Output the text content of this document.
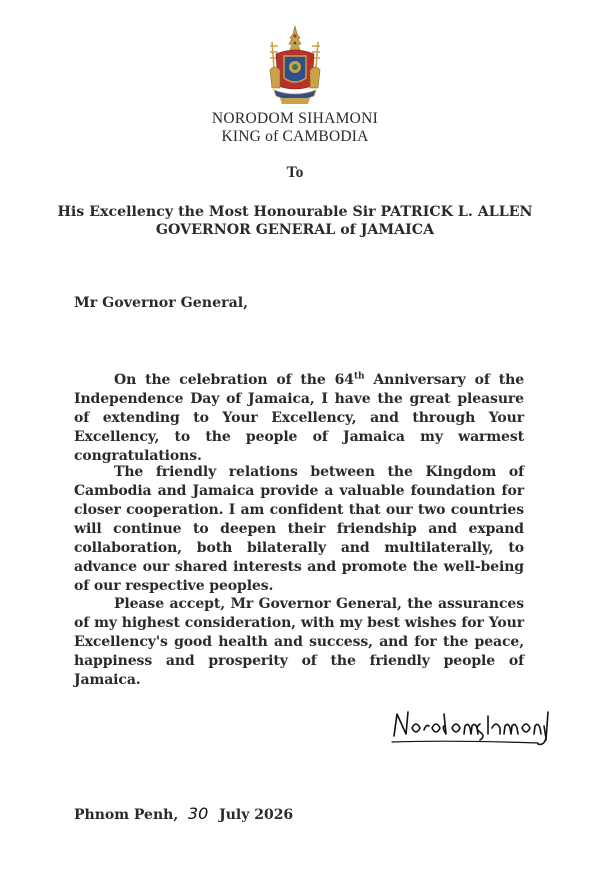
NORODOM SIHAMONI
KING of CAMBODIA
To
His Excellency the Most Honourable Sir PATRICK L. ALLEN
GOVERNOR GENERAL of JAMAICA
Mr Governor General,
On the celebration of the 64th Anniversary of the Independence Day of Jamaica, I have the great pleasure of extending to Your Excellency, and through Your Excellency, to the people of Jamaica my warmest congratulations.
The friendly relations between the Kingdom of Cambodia and Jamaica provide a valuable foundation for closer cooperation. I am confident that our two countries will continue to deepen their friendship and expand collaboration, both bilaterally and multilaterally, to advance our shared interests and promote the well-being of our respective peoples.
Please accept, Mr Governor General, the assurances of my highest consideration, with my best wishes for Your Excellency's good health and success, and for the peace, happiness and prosperity of the friendly people of Jamaica.
Phnom Penh, 30 July 2026
